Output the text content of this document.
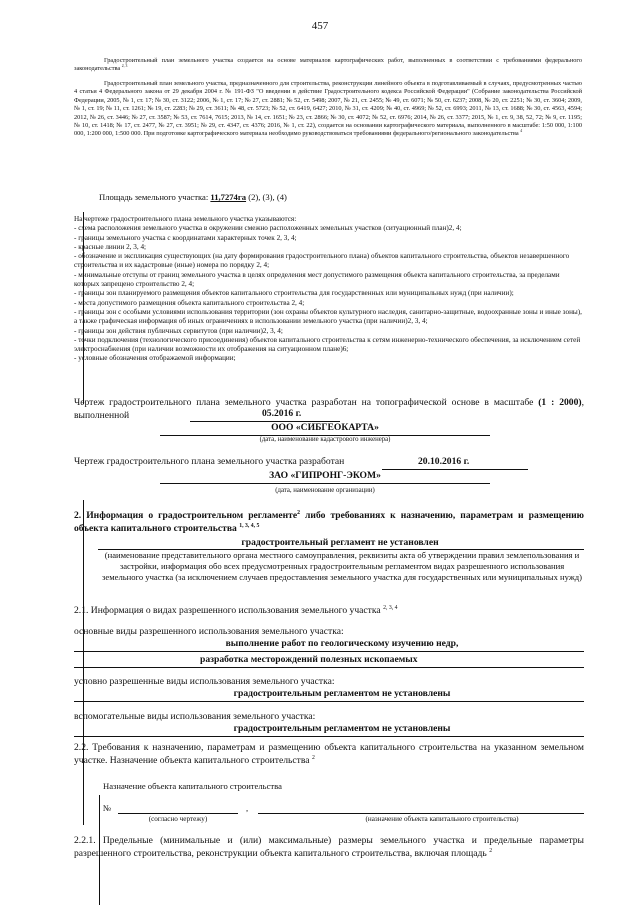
457
Градостроительный план земельного участка создается на основе материалов картографических работ, выполненных в соответствии с требованиями федерального законодательства $^{2, 3}$
Градостроительный план земельного участка, предназначенного для строительства, реконструкции линейного объекта в подготавливаемый в случаях, предусмотренных частью 4 статьи 4 Федерального закона от 29 декабря 2004 г. № 191-ФЗ "О введении в действие Градостроительного кодекса Российской Федерации" (Собрание законодательства Российской Федерации, 2005, № 1, ст. 17; № 30, ст. 3122; 2006, № 1, ст. 17; № 27, ст. 2881; № 52, ст. 5498; 2007, № 21, ст. 2455; № 49, ст. 6071; № 50, ст. 6237; 2008, № 20, ст. 2251; № 30, ст. 3604; 2009, № 1, ст. 19; № 11, ст. 1261; № 19, ст. 2283; № 29, ст. 3611; № 48, ст. 5723; № 52, ст. 6419, 6427; 2010, № 31, ст. 4209; № 40, ст. 4969; № 52, ст. 6993; 2011, № 13, ст. 1688; № 30, ст. 4563, 4594; 2012, № 26, ст. 3446; № 27, ст. 3587; № 53, ст. 7614, 7615; 2013, № 14, ст. 1651; № 23, ст. 2866; № 30, ст. 4072; № 52, ст. 6976; 2014, № 26, ст. 3377; 2015, № 1, ст. 9, 38, 52, 72; № 9, ст. 1195; № 10, ст. 1418; № 17, ст. 2477, № 27, ст. 3951; № 29, ст. 4347, ст. 4376; 2016, № 1, ст. 22), создается на основании картографического материала, выполненного в масштабе: 1:50 000, 1:100 000, 1:200 000, 1:500 000. При подготовке картографического материала необходимо руководствоваться требованиями федерального/регионального законодательства $^4$
Площадь земельного участка: 11,7274га (2), (3), (4)
На чертеже градостроительного плана земельного участка указываются:
- схема расположения земельного участка в окружении смежно расположенных земельных участков (ситуационный план)2, 4;
- границы земельного участка с координатами характерных точек 2, 3, 4;
- красные линии 2, 3, 4;
- обозначение и экспликация существующих (на дату формирования градостроительного плана) объектов капитального строительства, объектов незавершенного строительства и их кадастровые (иные) номера по порядку 2, 4;
- минимальные отступы от границ земельного участка в целях определения мест допустимого размещения объекта капитального строительства, за пределами которых запрещено строительство 2, 4;
- границы зон планируемого размещения объектов капитального строительства для государственных или муниципальных нужд (при наличии);
- места допустимого размещения объекта капитального строительства 2, 4;
- границы зон с особыми условиями использования территории (зон охраны объектов культурного наследия, санитарно-защитные, водоохранные зоны и иные зоны), а также графическая информация об иных ограничениях в использовании земельного участка (при наличии)2, 3, 4;
- границы зон действия публичных сервитутов (при наличии)2, 3, 4;
- точки подключения (технологического присоединения) объектов капитального строительства к сетям инженерно-технического обеспечения, за исключением сетей электроснабжения (при наличии возможности их отображения на ситуационном плане)6;
- условные обозначения отображаемой информации;
Чертеж градостроительного плана земельного участка разработан на топографической основе в масштабе (1 : 2000), выполненной	05.2016 г.
ООО «СИБГЕОКАРТА»
(дата, наименование кадастрового инженера)
Чертеж градостроительного плана земельного участка разработан	20.10.2016 г.
ЗАО «ГИПРОНГ-ЭКОМ»
(дата, наименование организации)
2. Информация о градостроительном регламенте$^2$ либо требованиях к назначению, параметрам и размещению объекта капитального строительства $^{1, 3, 4, 5}$
градостроительный регламент не установлен
(наименование представительного органа местного самоуправления, реквизиты акта об утверждении правил землепользования и застройки, информация обо всех предусмотренных градостроительным регламентом видах разрешенного использования земельного участка (за исключением случаев предоставления земельного участка для государственных или муниципальных нужд)
2.1. Информация о видах разрешенного использования земельного участка $^{2, 3, 4}$
основные виды разрешенного использования земельного участка:
выполнение работ по геологическому изучению недр,
разработка месторождений полезных ископаемых
условно разрешенные виды использования земельного участка:
градостроительным регламентом не установлены
вспомогательные виды использования земельного участка:
градостроительным регламентом не установлены
2.2. Требования к назначению, параметрам и размещению объекта капитального строительства на указанном земельном участке. Назначение объекта капитального строительства $^2$
Назначение объекта капитального строительства
№	,
(согласно чертежу)	(назначение объекта капитального строительства)
2.2.1. Предельные (минимальные и (или) максимальные) размеры земельного участка и предельные параметры разрешенного строительства, реконструкции объекта капитального строительства, включая площадь $^2$
